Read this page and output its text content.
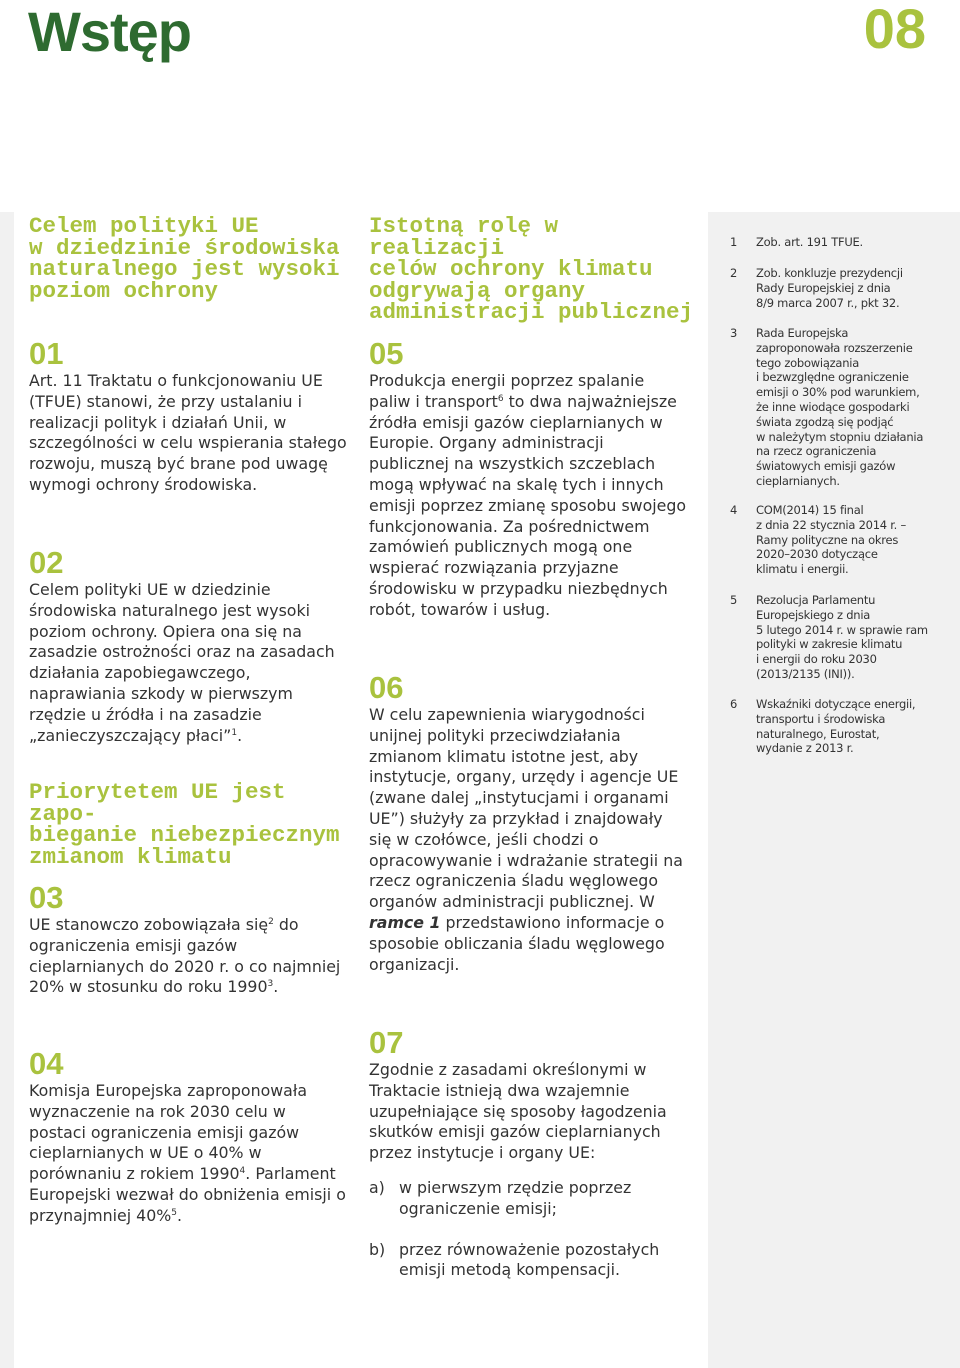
Wstęp	08
Celem polityki UE
w dziedzinie środowiska
naturalnego jest wysoki
poziom ochrony
01

Art. 11 Traktatu o funkcjonowaniu UE (TFUE) stanowi, że przy ustalaniu i realizacji polityk i działań Unii, w szczególności w celu wspierania stałego rozwoju, muszą być brane pod uwagę wymogi ochrony środowiska.

02

Celem polityki UE w dziedzinie środowiska naturalnego jest wysoki poziom ochrony. Opiera ona się na zasadzie ostrożności oraz na zasadach działania zapobiegawczego, naprawiania szkody w pierwszym rzędzie u źródła i na zasadzie „zanieczyszczający płaci”$^1$.

Priorytetem UE jest zapo-
bieganie niebezpiecznym
zmianom klimatu
03

UE stanowczo zobowiązała się$^2$ do ograniczenia emisji gazów cieplarnianych do 2020 r. o co najmniej 20% w stosunku do roku 1990$^3$.

04

Komisja Europejska zaproponowała wyznaczenie na rok 2030 celu w postaci ograniczenia emisji gazów cieplarnianych w UE o 40% w porównaniu z rokiem 1990$^4$. Parlament Europejski wezwał do obniżenia emisji o przynajmniej 40%$^5$.

Istotną rolę w realizacji
celów ochrony klimatu
odgrywają organy
administracji publicznej
05

Produkcja energii poprzez spalanie paliw i transport$^6$ to dwa najważniejsze źródła emisji gazów cieplarnianych w Europie. Organy administracji publicznej na wszystkich szczeblach mogą wpływać na skalę tych i innych emisji poprzez zmianę sposobu swojego funkcjonowania. Za pośrednictwem zamówień publicznych mogą one wspierać rozwiązania przyjazne środowisku w przypadku niezbędnych robót, towarów i usług.

06

W celu zapewnienia wiarygodności unijnej polityki przeciwdziałania zmianom klimatu istotne jest, aby instytucje, organy, urzędy i agencje UE (zwane dalej „instytucjami i organami UE”) służyły za przykład i znajdowały się w czołówce, jeśli chodzi o opracowywanie i wdrażanie strategii na rzecz ograniczenia śladu węglowego organów administracji publicznej. W ramce 1 przedstawiono informacje o sposobie obliczania śladu węglowego organizacji.

07

Zgodnie z zasadami określonymi w Traktacie istnieją dwa wzajemnie uzupełniające się sposoby łagodzenia skutków emisji gazów cieplarnianych przez instytucje i organy UE:

a) w pierwszym rzędzie poprzez ograniczenie emisji;
b) przez równoważenie pozostałych emisji metodą kompensacji.
1	Zob. art. 191 TFUE.
2	Zob. konkluzje prezydencji
Rady Europejskiej z dnia
8/9 marca 2007 r., pkt 32.
3	Rada Europejska
zaproponowała rozszerzenie
tego zobowiązania
i bezwzględne ograniczenie
emisji o 30% pod warunkiem,
że inne wiodące gospodarki
świata zgodzą się podjąć
w należytym stopniu działania
na rzecz ograniczenia
światowych emisji gazów
cieplarnianych.
4	COM(2014) 15 final
z dnia 22 stycznia 2014 r. –
Ramy polityczne na okres
2020–2030 dotyczące
klimatu i energii.
5	Rezolucja Parlamentu
Europejskiego z dnia
5 lutego 2014 r. w sprawie ram
polityki w zakresie klimatu
i energii do roku 2030
(2013/2135 (INI)).
6	Wskaźniki dotyczące energii,
transportu i środowiska
naturalnego, Eurostat,
wydanie z 2013 r.
